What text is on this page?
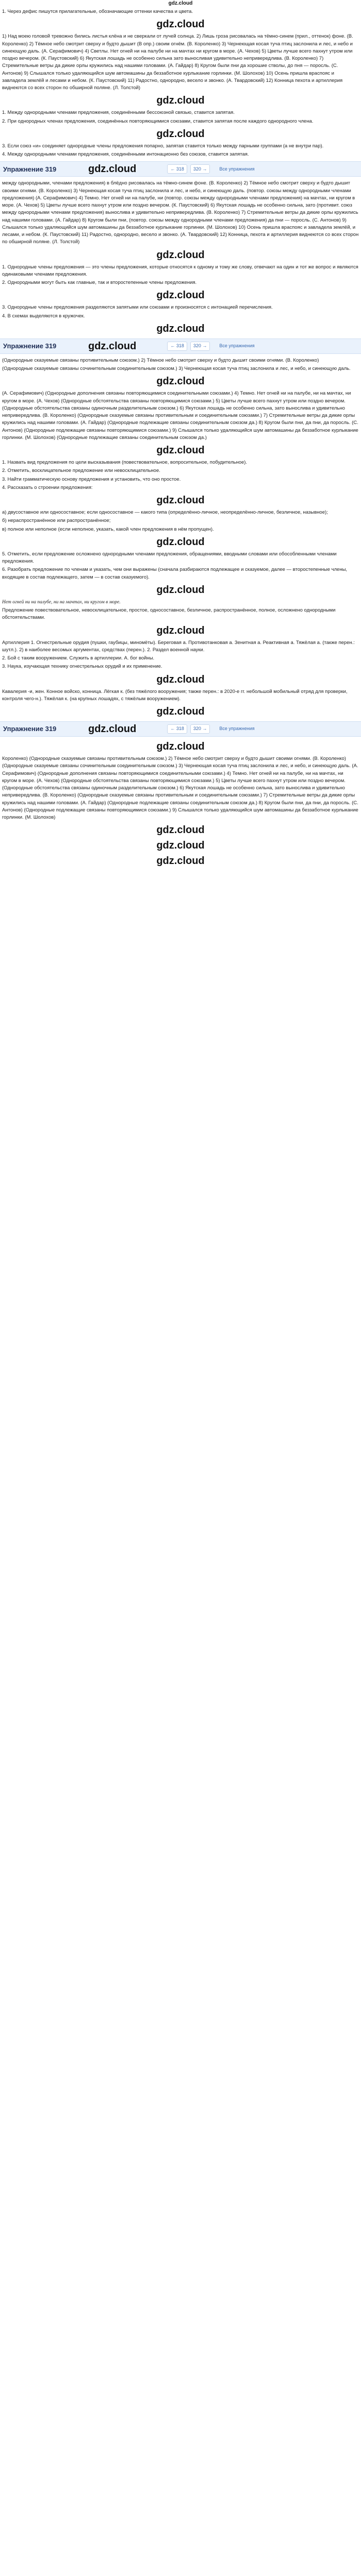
gdz.cloud

1. Через дефис пишутся прилагательные, обозначающие оттенки качества и цвета.

gdz.cloud

1) Над моею головой тревожно бились листья клёна и не сверкали от лучей солнца. 2) Лишь гроза рисовалась на тёмно-синем (прил., оттенок) фоне. (В. Короленко) 2) Тёмное небо смотрит сверху и будто дышит (В опр.) своим огнём. (В. Короленко) 3) Чернеющая косая туча птиц заслонила и лес, и небо и синеющую даль. (А. Серафимович) 4) Светлы. Нет огней ни на палубе ни на мачтах ни кругом в море. (А. Чехов) 5) Цветы лучше всего пахнут утром или поздно вечером. (К. Паустовский) 6) Якутская лошадь не особенно сильна зато выносливая удивительно непривередлива. (В. Короленко) 7) Стремительные ветры да дикие орлы кружились над нашими головами. (А. Гайдар) 8) Кругом были пни да хорошие стволы, до пня — поросль. (С. Антонов) 9) Слышался только удаляющийся шум автомашины да беззаботное курлыкание горлинки. (М. Шолохов) 10) Осень пришла враспояс и завладела землёй и лесами и небом. (К. Паустовский) 11) Радостно, однородно, весело и звонко. (А. Твардовский) 12) Конница пехота и артиллерия виднеются со всех сторон по обширной поляне. (Л. Толстой)

gdz.cloud

1. Между однородными членами предложения, соединёнными бессоюзной связью, ставится запятая.

2. При однородных членах предложения, соединённых повторяющимися союзами, ставится запятая после каждого однородного члена.

gdz.cloud

3. Если союз «и» соединяет однородные члены предложения попарно, запятая ставится только между парными группами (а не внутри пар).

4. Между однородными членами предложения, соединёнными интонационно без союзов, ставится запятая.

Упражнение 319	gdz.cloud	← 318	320 →	Все упражнения

между однородными, членами предложения) в блёдно рисовалась на тёмно-синем фоне. (В. Короленко) 2) Тёмное небо смотрит сверху и будто дышит своими огнями. (В. Короленко) 3) Чернеющая косая туча птиц заслонила и лес, и небо, и синеющую даль. (повтор. союзы между однородными членами предложения) (А. Серафимович) 4) Темно. Нет огней ни на палубе, ни (повтор. союзы между однородными членами предложения) на мачтах, ни кругом в море. (А. Чехов) 5) Цветы лучше всего пахнут утром или поздно вечером. (К. Паустовский) 6) Якутская лошадь не особенно сильна, зато (противит. союз между однородными членами предложения) вынослива и удивительно непривередлива. (В. Короленко) 7) Стремительные ветры да дикие орлы кружились над нашими головами. (А. Гайдар) 8) Кругом были пни, (повтор. союзы между однородными членами предложения) да пни — поросль. (С. Антонов) 9) Слышался только удаляющийся шум автомашины да беззаботное курлыкание горлинки. (М. Шолохов) 10) Осень пришла враспояс и завладела землёй, и лесами, и небом. (К. Паустовский) 11) Радостно, однородно, весело и звонко. (А. Твардовский) 12) Конница, пехота и артиллерия виднеются со всех сторон по обширной поляне. (Л. Толстой)

gdz.cloud

1. Однородные члены предложения — это члены предложения, которые относятся к одному и тому же слову, отвечают на один и тот же вопрос и являются одинаковыми членами предложения.

2. Однородными могут быть как главные, так и второстепенные члены предложения.

gdz.cloud

3. Однородные члены предложения разделяются запятыми или союзами и произносятся с интонацией перечисления.

4. В схемах выделяются в кружочек.

gdz.cloud
Упражнение 319	gdz.cloud	← 318	320 →	Все упражнения

(Однородные сказуемые связаны противительным союзом.) 2) Тёмное небо смотрит сверху и будто дышит своими огнями. (В. Короленко)

(Однородные сказуемые связаны сочинительным соединительным союзом.) 3) Чернеющая косая туча птиц заслонила и лес, и небо, и синеющую даль.

gdz.cloud

(А. Серафимович) (Однородные дополнения связаны повторяющимися соединительными союзами.) 4) Темно. Нет огней ни на палубе, ни на мачтах, ни кругом в море. (А. Чехов) (Однородные обстоятельства связаны повторяющимися союзами.) 5) Цветы лучше всего пахнут утром или поздно вечером. (Однородные обстоятельства связаны одиночным разделительным союзом.) 6) Якутская лошадь не особенно сильна, зато вынослива и удивительно непривередлива. (В. Короленко) (Однородные сказуемые связаны противительным и соединительным союзами.) 7) Стремительные ветры да дикие орлы кружились над нашими головами. (А. Гайдар) (Однородные подлежащие связаны соединительным союзом да.) 8) Кругом были пни, да пни, да поросль. (С. Антонов) (Однородные подлежащие связаны повторяющимися союзами.) 9) Слышался только удаляющийся шум автомашины да беззаботное курлыкание горлинки. (М. Шолохов) (Однородные подлежащие связаны соединительным союзом да.)

gdz.cloud

1. Назвать вид предложения по цели высказывания (повествовательное, вопросительное, побудительное).

2. Отметить, восклицательное предложение или невосклицательное.

3. Найти грамматическую основу предложения и установить, что оно простое.

4. Рассказать о строении предложения:

gdz.cloud

а) двусоставное или односоставное; если односоставное — какого типа (определённо-личное, неопределённо-личное, безличное, назывное);

б) нераспространённое или распространённое;

в) полное или неполное (если неполное, указать, какой член предложения в нём пропущен).

gdz.cloud

5. Отметить, если предложение осложнено однородными членами предложения, обращениями, вводными словами или обособленными членами предложения.

6. Разобрать предложение по членам и указать, чем они выражены (сначала разбираются подлежащее и сказуемое, далее — второстепенные члены, входящие в состав подлежащего, затем — в состав сказуемого).

gdz.cloud

Нет огней ни на палубе, ни на мачтах, ни кругом в море.

Предложение повествовательное, невосклицательное, простое, односоставное, безличное, распространённое, полное, осложнено однородными обстоятельствами.

gdz.cloud

Артиллерия 1. Огнестрельные орудия (пушки, гаубицы, миномёты). Береговая а. Противотанковая а. Зенитная а. Реактивная а. Тяжёлая а. (также перен.: шутл.). 2) в наиболее весомых аргументах, средствах (перен.). 2. Раздел военной науки.

2. Бой с таким вооружением. Служить в артиллерии. А. бог войны.

3. Наука, изучающая технику огнестрельных орудий и их применение.

gdz.cloud

Кавалерия -и, жен. Конное войско, конница. Лёгкая к. (без тяжёлого вооружения; также перен.: в 2020-е гг. небольшой мобильный отряд для проверки, контроля чего-н.). Тяжёлая к. (на крупных лошадях, с тяжёлым вооружением).

gdz.cloud
Упражнение 319	gdz.cloud	← 318	320 →	Все упражнения
gdz.cloud

Короленко) (Однородные сказуемые связаны противительным союзом.) 2) Тёмное небо смотрит сверху и будто дышит своими огнями. (В. Короленко) (Однородные сказуемые связаны сочинительным соединительным союзом.) 3) Чернеющая косая туча птиц заслонила и лес, и небо, и синеющую даль. (А. Серафимович) (Однородные дополнения связаны повторяющимися соединительными союзами.) 4) Темно. Нет огней ни на палубе, ни на мачтах, ни кругом в море. (А. Чехов) (Однородные обстоятельства связаны повторяющимися союзами.) 5) Цветы лучше всего пахнут утром или поздно вечером. (Однородные обстоятельства связаны одиночным разделительным союзом.) 6) Якутская лошадь не особенно сильна, зато вынослива и удивительно непривередлива. (В. Короленко) (Однородные сказуемые связаны противительным и соединительным союзами.) 7) Стремительные ветры да дикие орлы кружились над нашими головами. (А. Гайдар) (Однородные подлежащие связаны соединительным союзом да.) 8) Кругом были пни, да пни, да поросль. (С. Антонов) (Однородные подлежащие связаны повторяющимися союзами.) 9) Слышался только удаляющийся шум автомашины да беззаботное курлыкание горлинки. (М. Шолохов)

gdz.cloud
gdz.cloud
gdz.cloud
